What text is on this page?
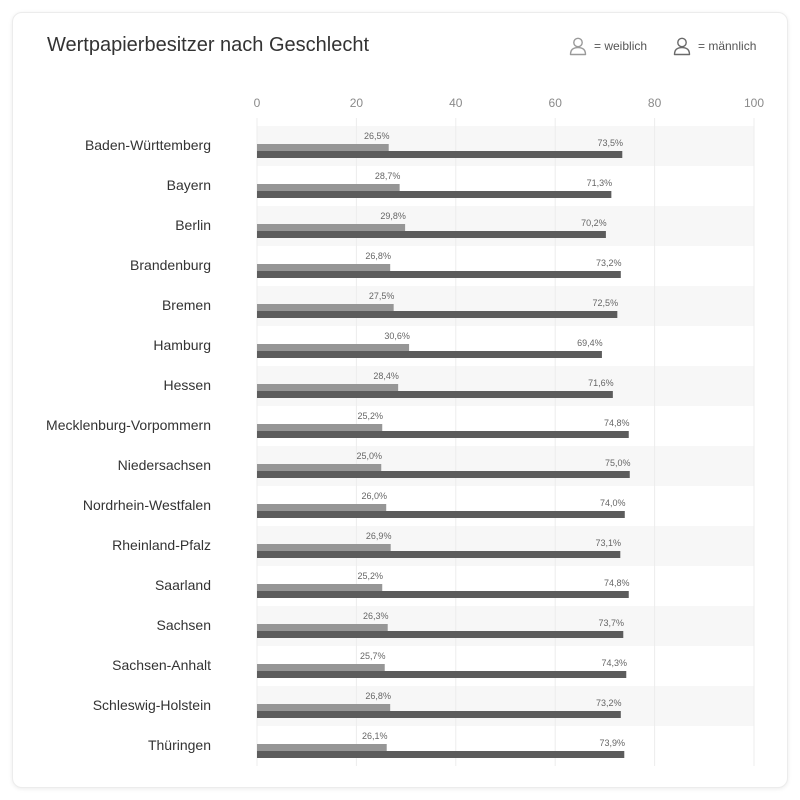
Wertpapierbesitzer nach Geschlecht	= weiblich	= männlich
0	20	40	60	80	100
Baden-Württemberg
26,5%
73,5%
Bayern
28,7%
71,3%
Berlin
29,8%
70,2%
Brandenburg
26,8%
73,2%
Bremen
27,5%
72,5%
Hamburg
30,6%
69,4%
Hessen
28,4%
71,6%
Mecklenburg-Vorpommern
25,2%
74,8%
Niedersachsen
25,0%
75,0%
Nordrhein-Westfalen
26,0%
74,0%
Rheinland-Pfalz
26,9%
73,1%
Saarland
25,2%
74,8%
Sachsen
26,3%
73,7%
Sachsen-Anhalt
25,7%
74,3%
Schleswig-Holstein
26,8%
73,2%
Thüringen
26,1%
73,9%
